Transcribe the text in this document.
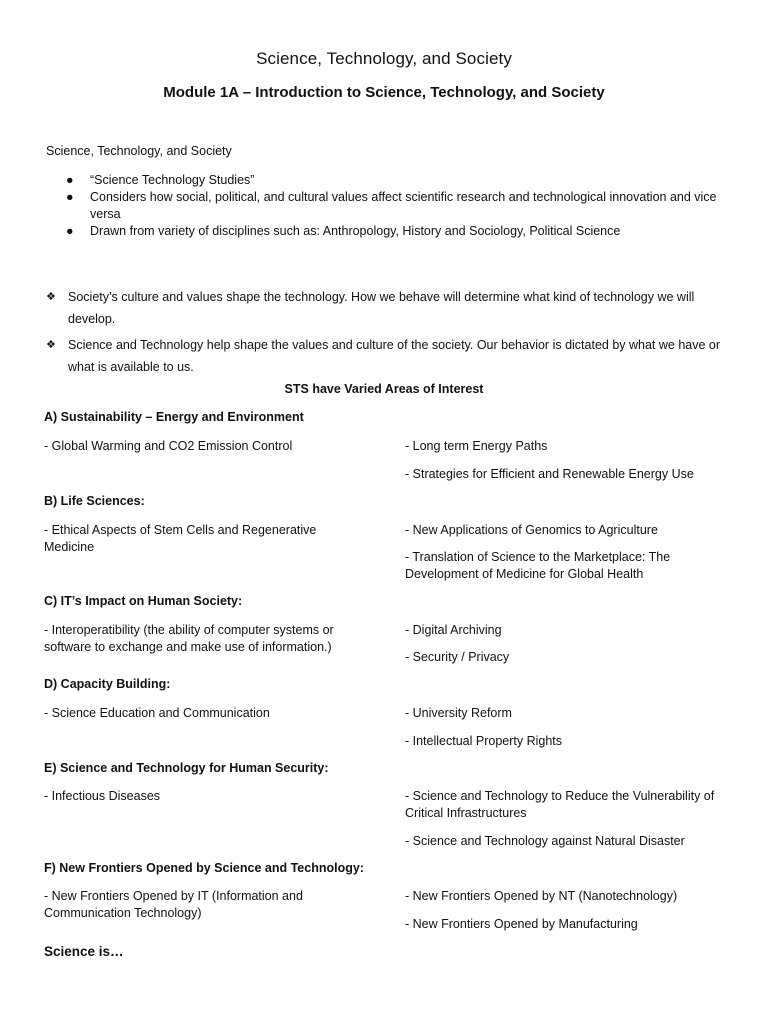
Science, Technology, and Society
Module 1A – Introduction to Science, Technology, and Society
Science, Technology, and Society
● “Science Technology Studies”
● Considers how social, political, and cultural values affect scientific research and technological innovation and vice versa
● Drawn from variety of disciplines such as: Anthropology, History and Sociology, Political Science
❖ Society’s culture and values shape the technology. How we behave will determine what kind of technology we will develop.
❖ Science and Technology help shape the values and culture of the society. Our behavior is dictated by what we have or what is available to us.
STS have Varied Areas of Interest
A) Sustainability – Energy and Environment
- Global Warming and CO2 Emission Control	- Long term Energy Paths
- Strategies for Efficient and Renewable Energy Use
B) Life Sciences:
- Ethical Aspects of Stem Cells and Regenerative Medicine
- New Applications of Genomics to Agriculture
- Translation of Science to the Marketplace: The Development of Medicine for Global Health
C) IT’s Impact on Human Society:
- Interoperatibility (the ability of computer systems or software to exchange and make use of information.)
- Digital Archiving
- Security / Privacy
D) Capacity Building:
- Science Education and Communication	- University Reform
- Intellectual Property Rights
E) Science and Technology for Human Security:
- Infectious Diseases	- Science and Technology to Reduce the Vulnerability of Critical Infrastructures
- Science and Technology against Natural Disaster
F) New Frontiers Opened by Science and Technology:
- New Frontiers Opened by IT (Information and Communication Technology)
- New Frontiers Opened by NT (Nanotechnology)
- New Frontiers Opened by Manufacturing
Science is…
